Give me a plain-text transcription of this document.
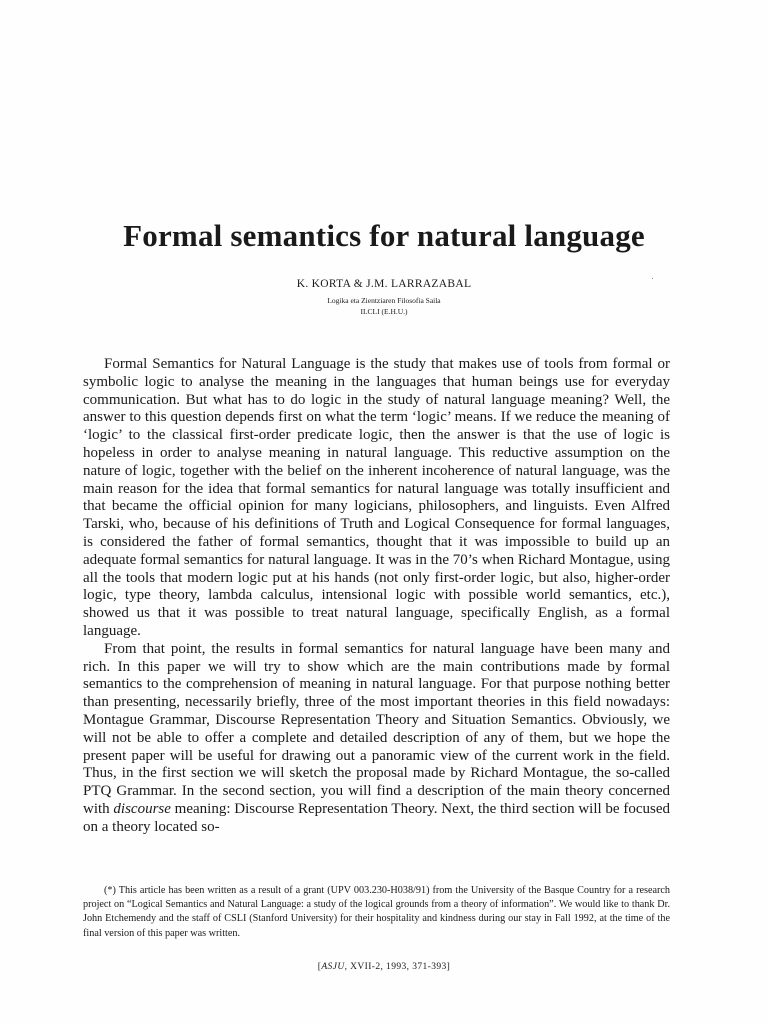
Formal semantics for natural language
K. KORTA & J.M. LARRAZABAL
Logika eta Zientziaren Filosofia Saila
ILCLI (E.H.U.)

Formal Semantics for Natural Language is the study that makes use of tools from formal or symbolic logic to analyse the meaning in the languages that human beings use for everyday communication. But what has to do logic in the study of natural language meaning? Well, the answer to this question depends first on what the term ‘logic’ means. If we reduce the meaning of ‘logic’ to the classical first-order predicate logic, then the answer is that the use of logic is hopeless in order to analyse meaning in natural language. This reductive assumption on the nature of logic, together with the belief on the inherent incoherence of natural language, was the main reason for the idea that formal semantics for natural language was totally insufficient and that became the official opinion for many logicians, philosophers, and linguists. Even Alfred Tarski, who, because of his definitions of Truth and Logical Consequence for formal languages, is considered the father of formal semantics, thought that it was impossible to build up an adequate formal semantics for natural language. It was in the 70’s when Richard Montague, using all the tools that modern logic put at his hands (not only first-order logic, but also, higher-order logic, type theory, lambda calculus, intensional logic with possible world semantics, etc.), showed us that it was possible to treat natural language, specifically English, as a formal language.

From that point, the results in formal semantics for natural language have been many and rich. In this paper we will try to show which are the main contributions made by formal semantics to the comprehension of meaning in natural language. For that purpose nothing better than presenting, necessarily briefly, three of the most important theories in this field nowadays: Montague Grammar, Discourse Representation Theory and Situation Semantics. Obviously, we will not be able to offer a complete and detailed description of any of them, but we hope the present paper will be useful for drawing out a panoramic view of the current work in the field. Thus, in the first section we will sketch the proposal made by Richard Montague, the so-called PTQ Grammar. In the second section, you will find a description of the main theory concerned with discourse meaning: Discourse Representation Theory. Next, the third section will be focused on a theory located so-

(*) This article has been written as a result of a grant (UPV 003.230-H038/91) from the University of the Basque Country for a research project on “Logical Semantics and Natural Language: a study of the logical grounds from a theory of information”. We would like to thank Dr. John Etchemendy and the staff of CSLI (Stanford University) for their hospitality and kindness during our stay in Fall 1992, at the time of the final version of this paper was written.

[ASJU, XVII-2, 1993, 371-393]
